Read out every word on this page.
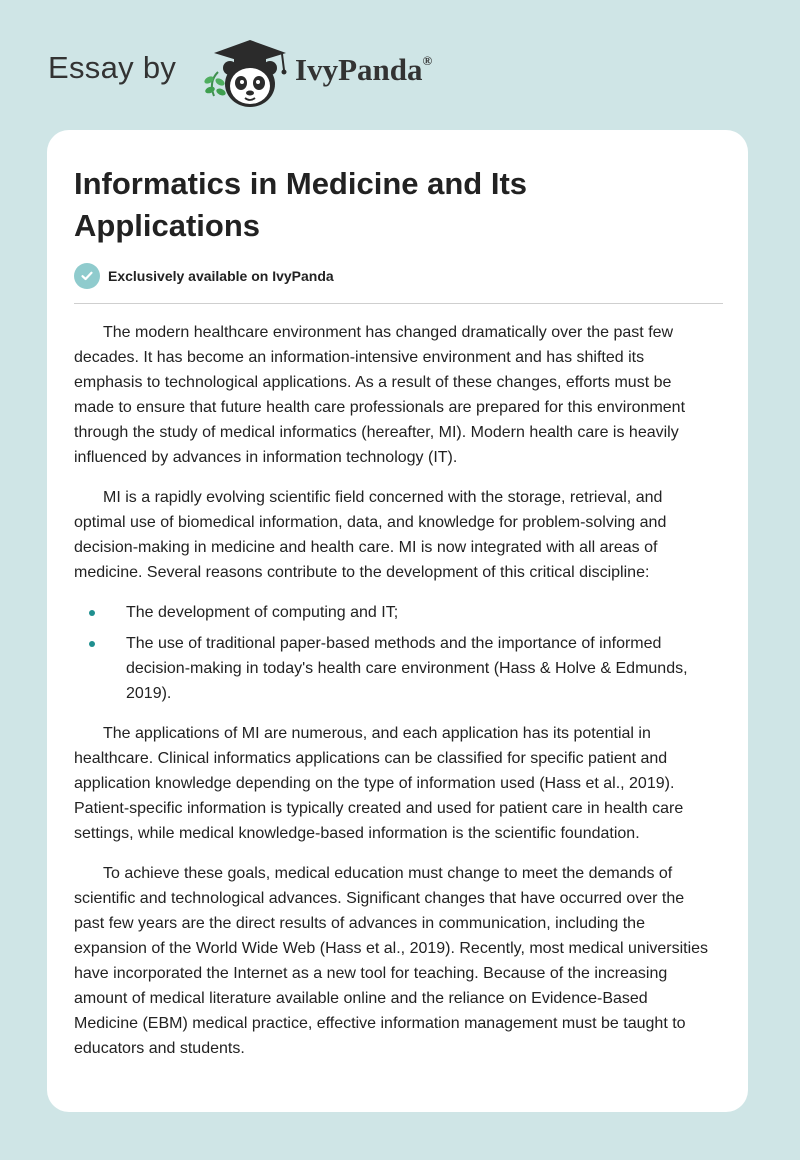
Essay by	IvyPanda®
Informatics in Medicine and Its Applications
Exclusively available on IvyPanda

The modern healthcare environment has changed dramatically over the past few decades. It has become an information-intensive environment and has shifted its emphasis to technological applications. As a result of these changes, efforts must be made to ensure that future health care professionals are prepared for this environment through the study of medical informatics (hereafter, MI). Modern health care is heavily influenced by advances in information technology (IT).

MI is a rapidly evolving scientific field concerned with the storage, retrieval, and optimal use of biomedical information, data, and knowledge for problem-solving and decision-making in medicine and health care. MI is now integrated with all areas of medicine. Several reasons contribute to the development of this critical discipline:

The development of computing and IT;
The use of traditional paper-based methods and the importance of informed decision-making in today's health care environment (Hass & Holve & Edmunds, 2019).

The applications of MI are numerous, and each application has its potential in healthcare. Clinical informatics applications can be classified for specific patient and application knowledge depending on the type of information used (Hass et al., 2019). Patient-specific information is typically created and used for patient care in health care settings, while medical knowledge-based information is the scientific foundation.

To achieve these goals, medical education must change to meet the demands of scientific and technological advances. Significant changes that have occurred over the past few years are the direct results of advances in communication, including the expansion of the World Wide Web (Hass et al., 2019). Recently, most medical universities have incorporated the Internet as a new tool for teaching. Because of the increasing amount of medical literature available online and the reliance on Evidence-Based Medicine (EBM) medical practice, effective information management must be taught to educators and students.
